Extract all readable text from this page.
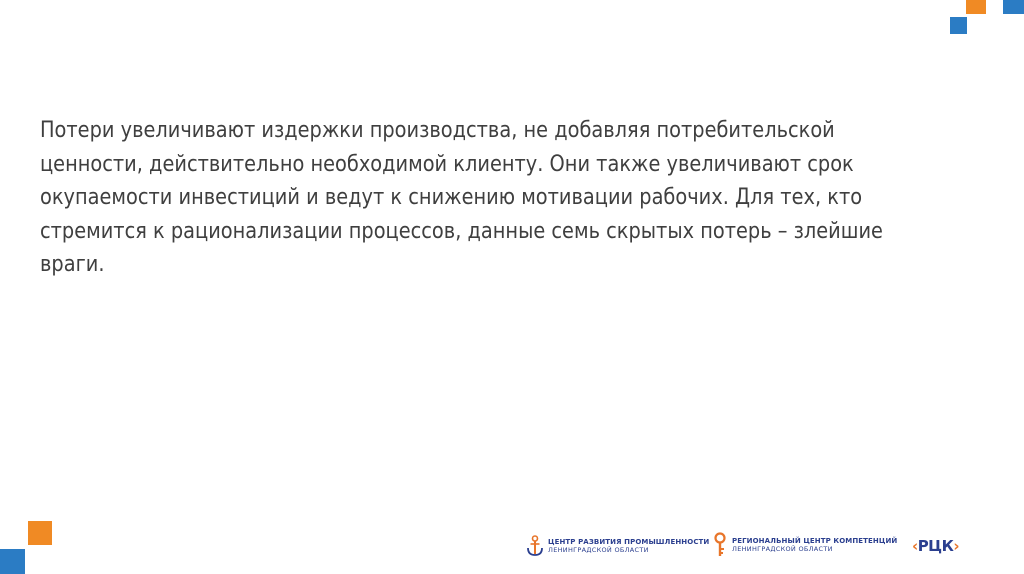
Потери увеличивают издержки производства, не добавляя потребительской ценности, действительно необходимой клиенту. Они также увеличивают срок окупаемости инвестиций и ведут к снижению мотивации рабочих. Для тех, кто стремится к рационализации процессов, данные семь скрытых потерь – злейшие враги.
ЦЕНТР РАЗВИТИЯ ПРОМЫШЛЕННОСТИ
ЛЕНИНГРАДСКОЙ ОБЛАСТИ
РЕГИОНАЛЬНЫЙ ЦЕНТР КОМПЕТЕНЦИЙ
ЛЕНИНГРАДСКОЙ ОБЛАСТИ	‹РЦК›
